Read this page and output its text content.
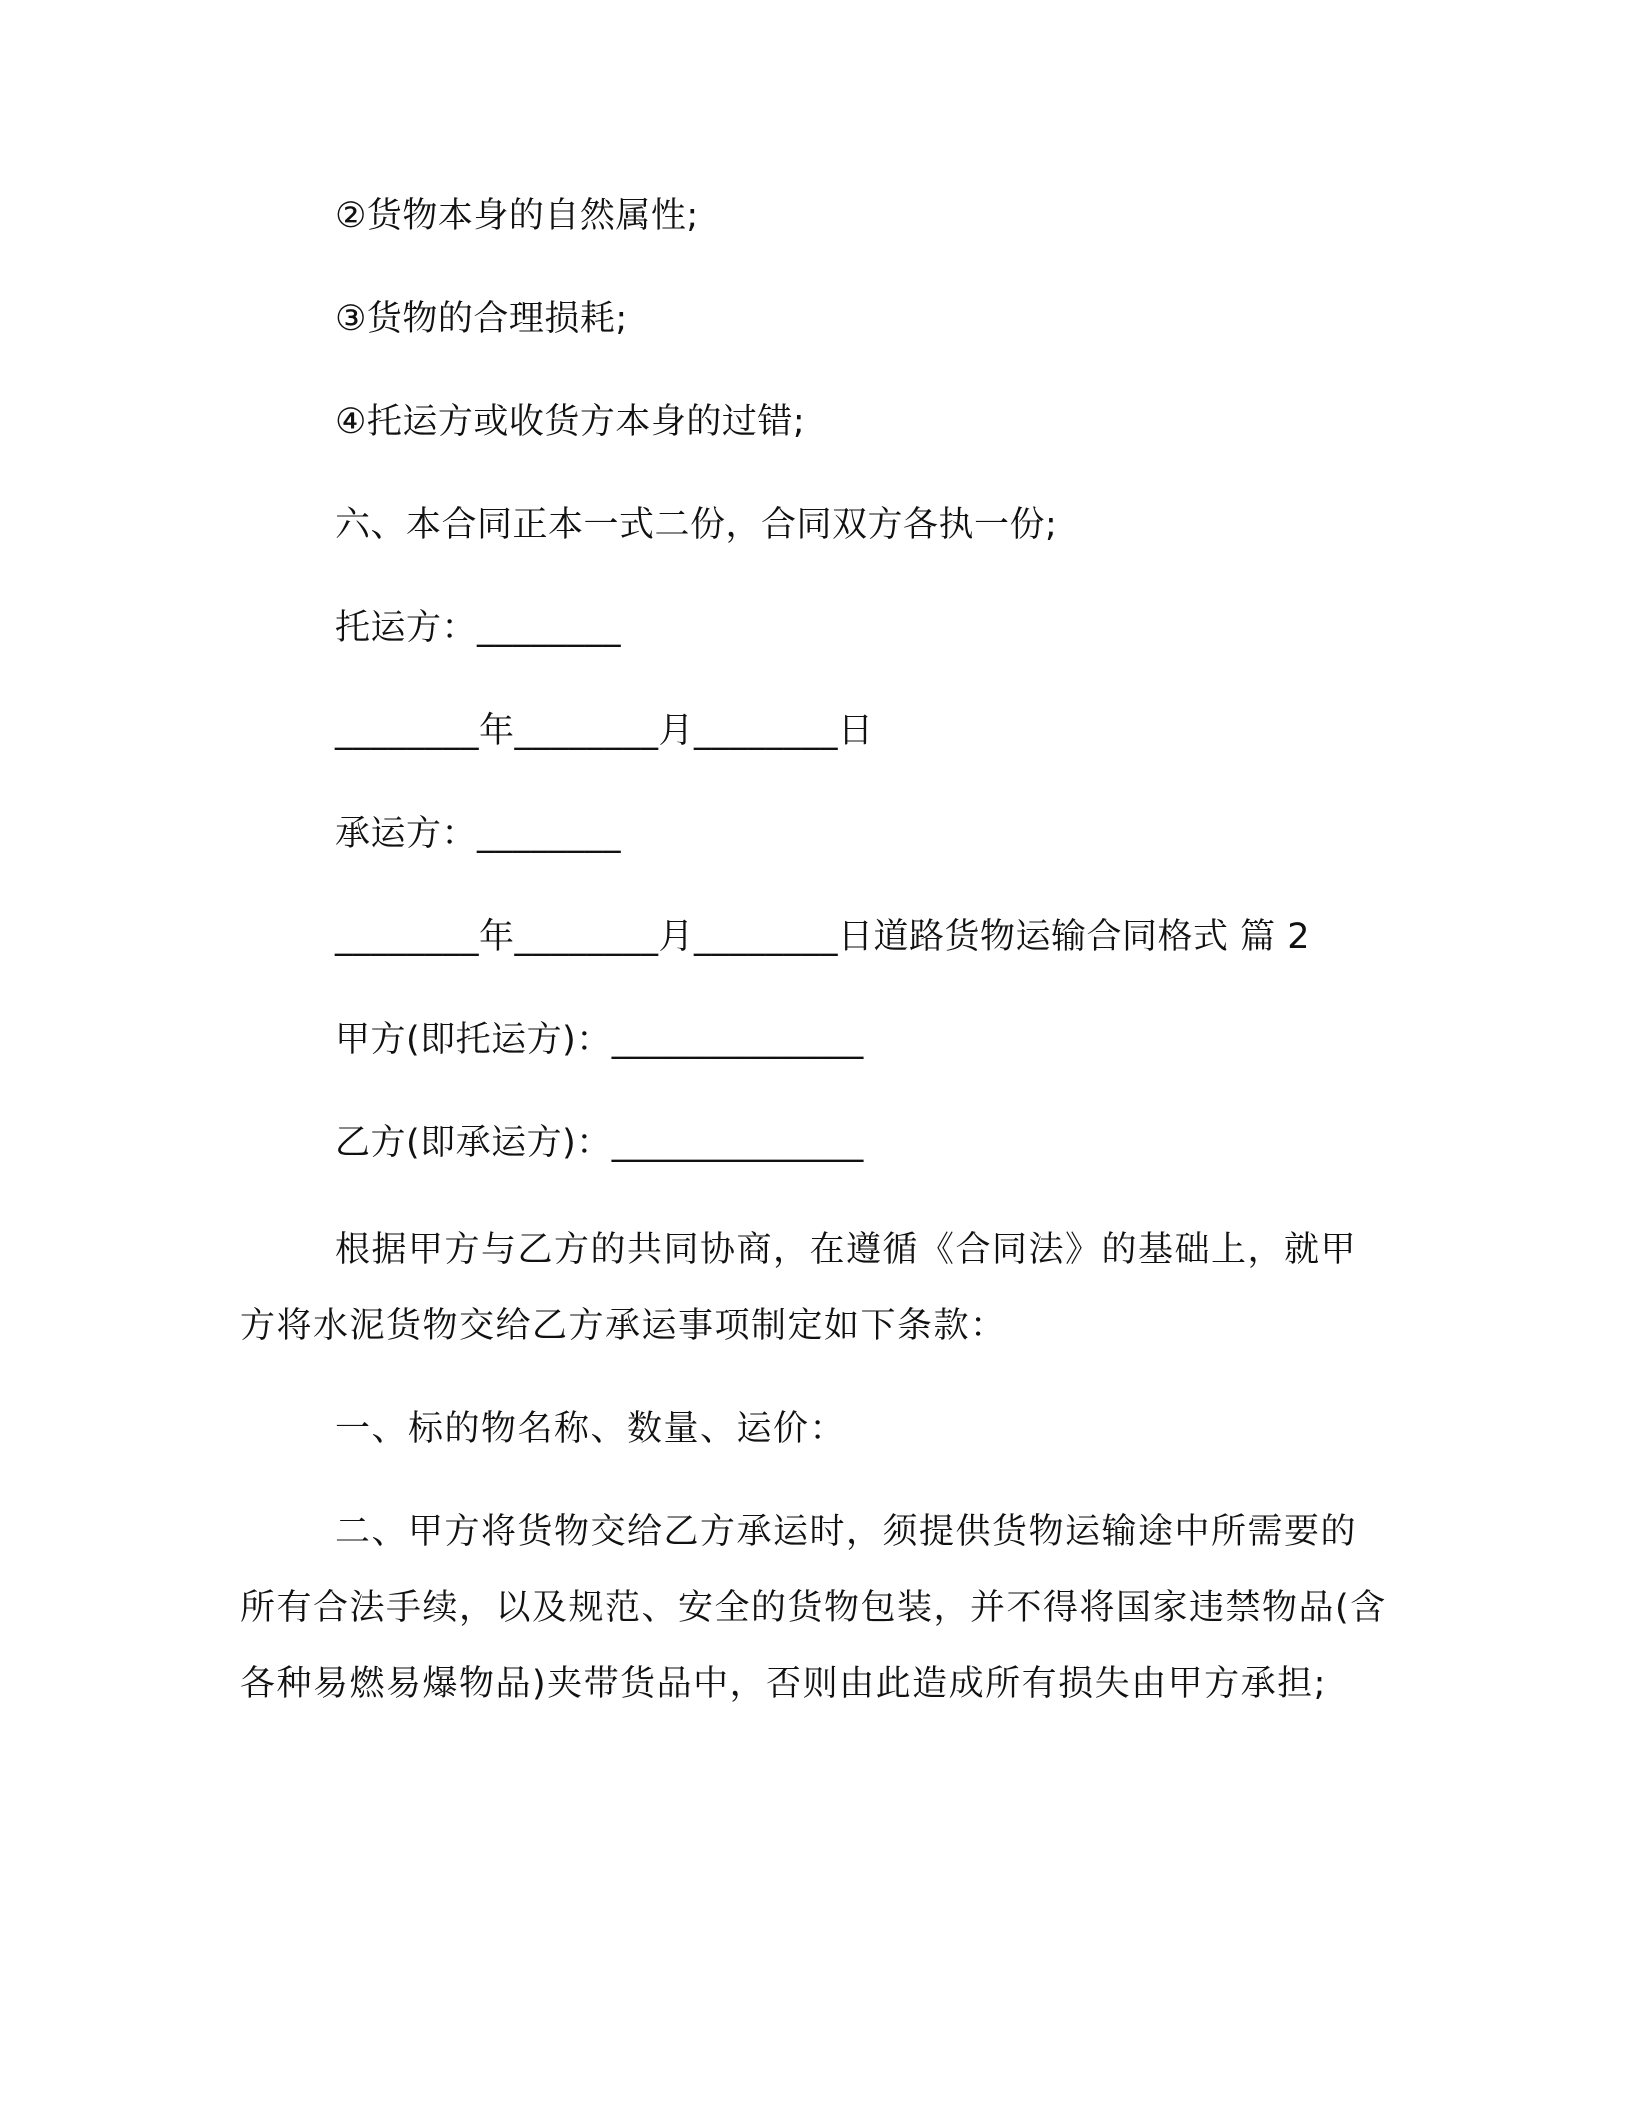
②货物本身的自然属性;
③货物的合理损耗;
④托运方或收货方本身的过错;
六、本合同正本一式二份，合同双方各执一份;
托运方：________
________年________月________日
承运方：________
________年________月________日道路货物运输合同格式 篇 2
甲方(即托运方)：______________
乙方(即承运方)：______________
根据甲方与乙方的共同协商，在遵循《合同法》的基础上，就甲方将水泥货物交给乙方承运事项制定如下条款：
一、标的物名称、数量、运价：
二、甲方将货物交给乙方承运时，须提供货物运输途中所需要的所有合法手续，以及规范、安全的货物包装，并不得将国家违禁物品(含各种易燃易爆物品)夹带货品中，否则由此造成所有损失由甲方承担;
